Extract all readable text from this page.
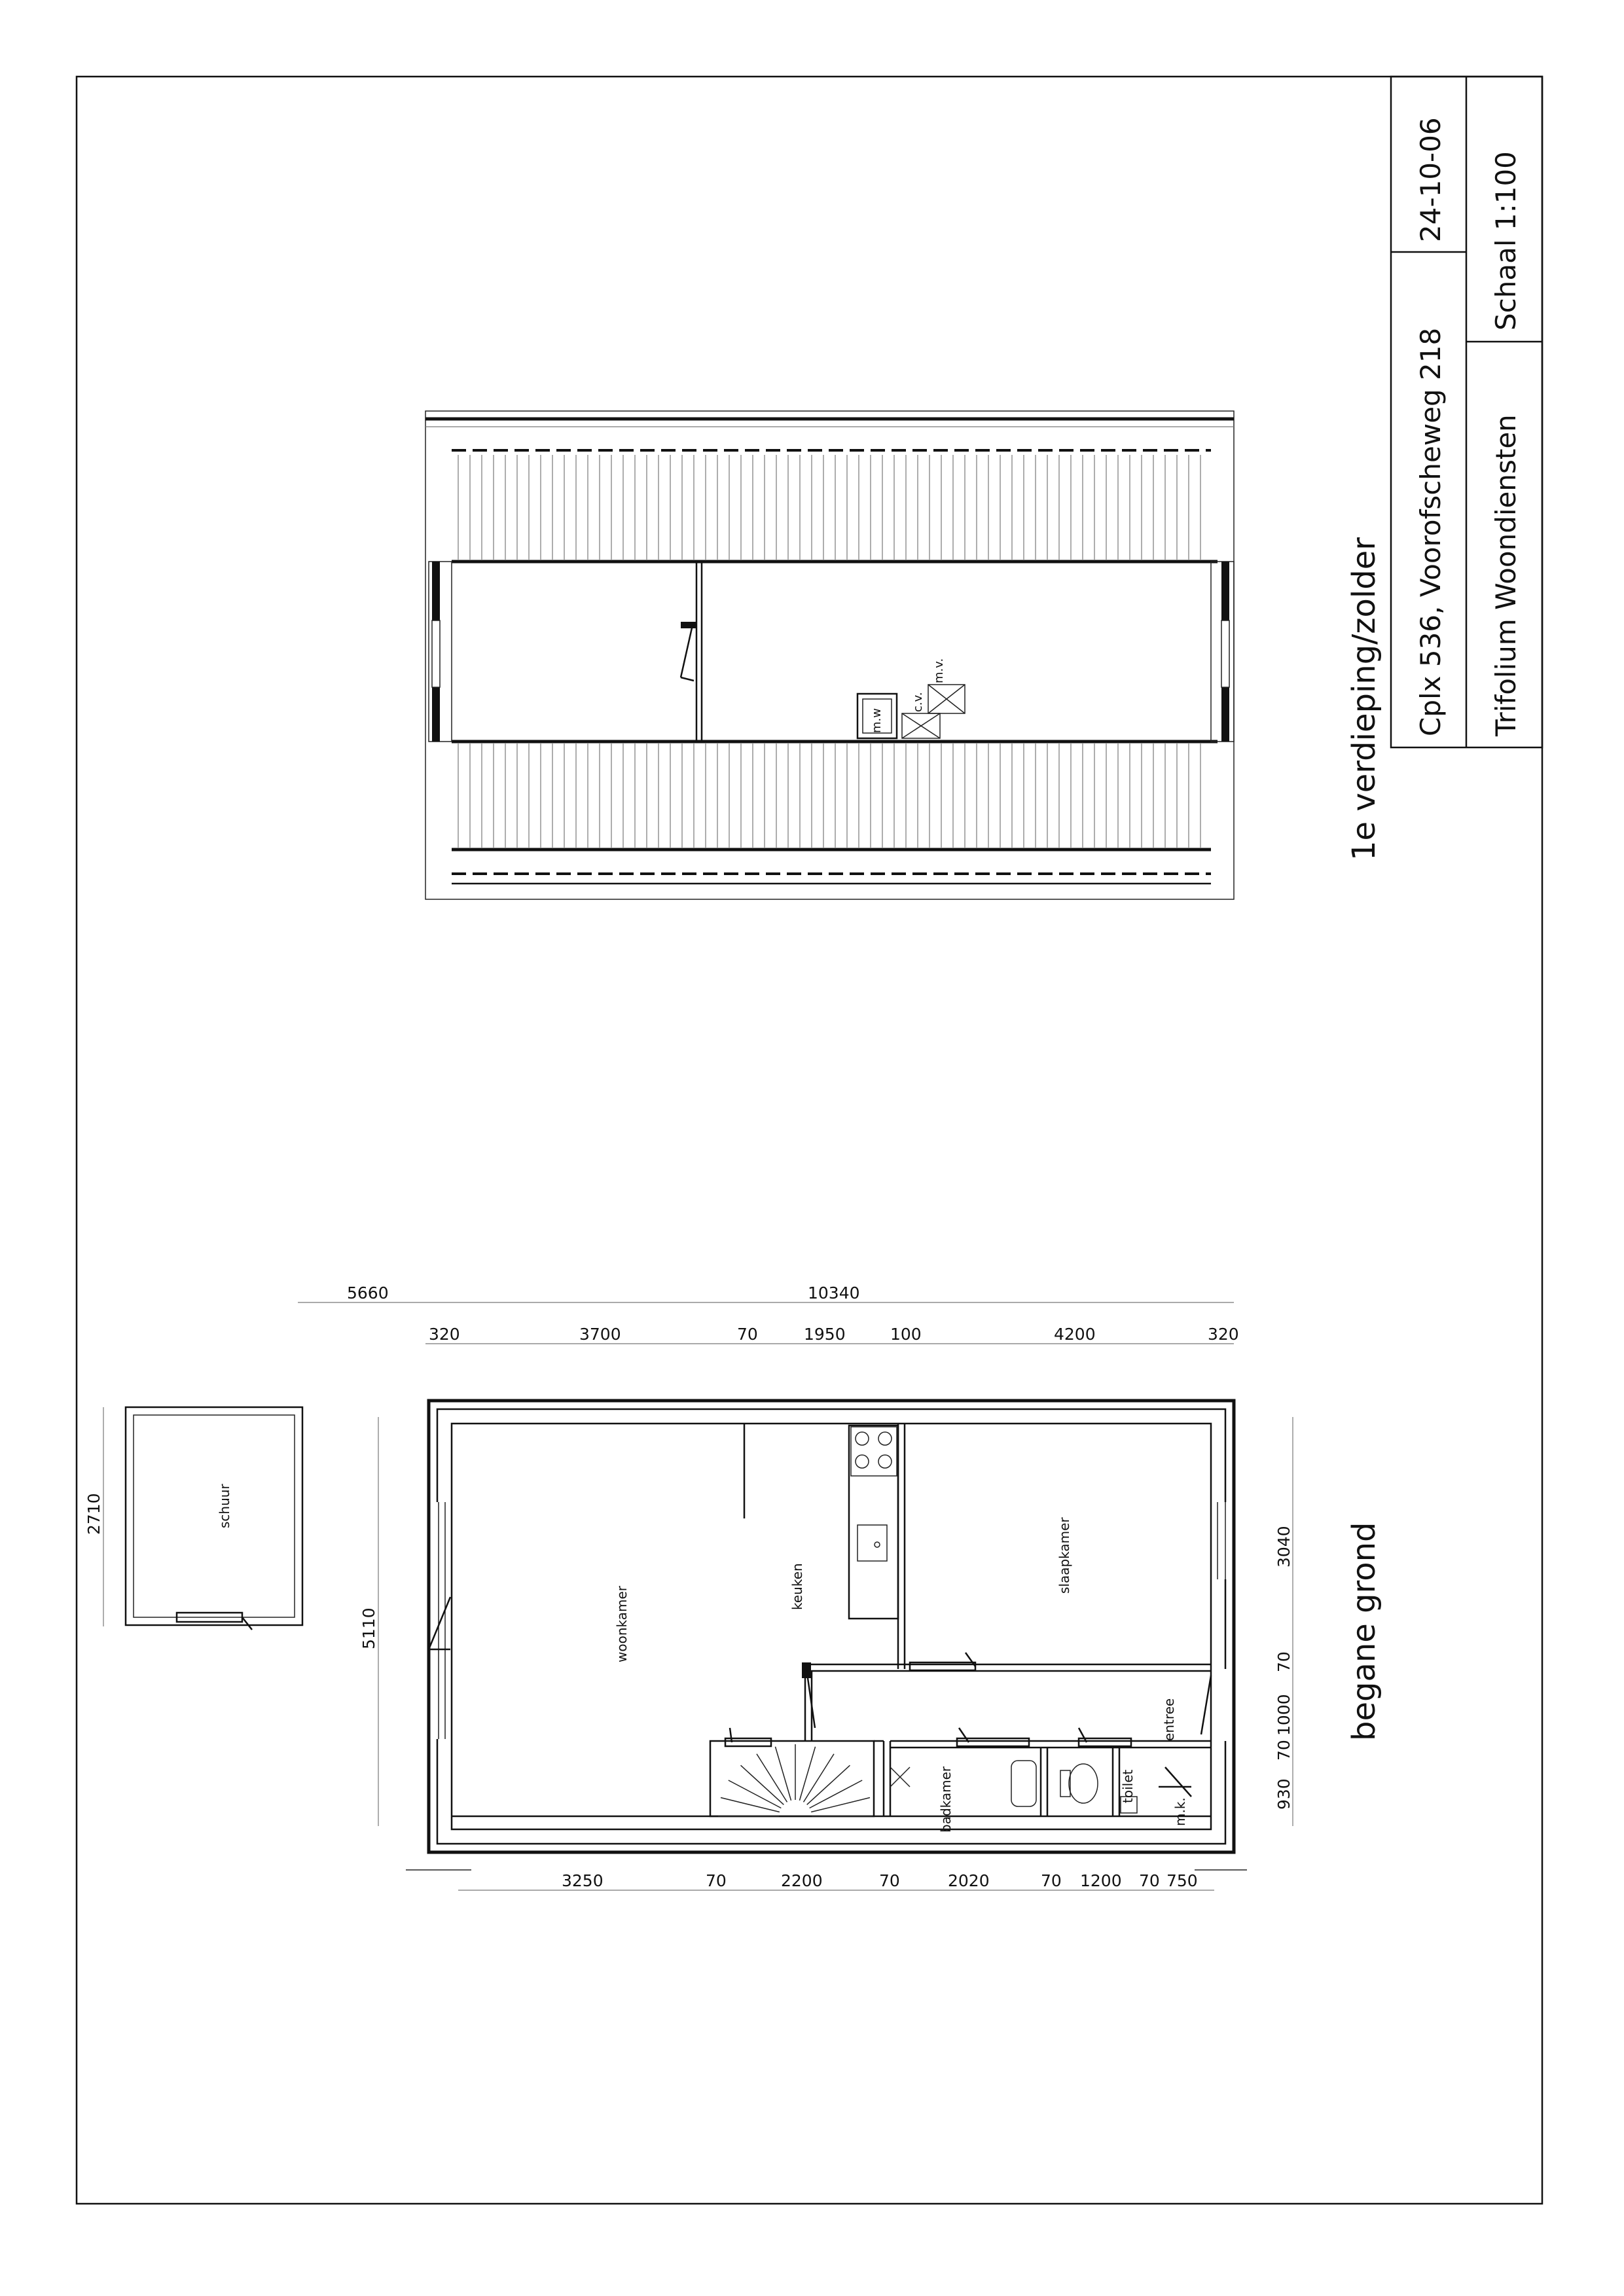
Cplx 536, Voorofscheweg 218
24-10-06
Trifolium Woondiensten
Schaal 1:100
1e verdieping/zolder
begane grond
m.w
c.v.
m.v.
5660	10340
320	3700	70	1950	100	4200	320
3250	70	2200	70	2020	70 1200 70 750
5110
2710
3040
70
1000
70
930
woonkamer	keuken	slaapkamer
entree
badkamer	toilet
m.k.
schuur
